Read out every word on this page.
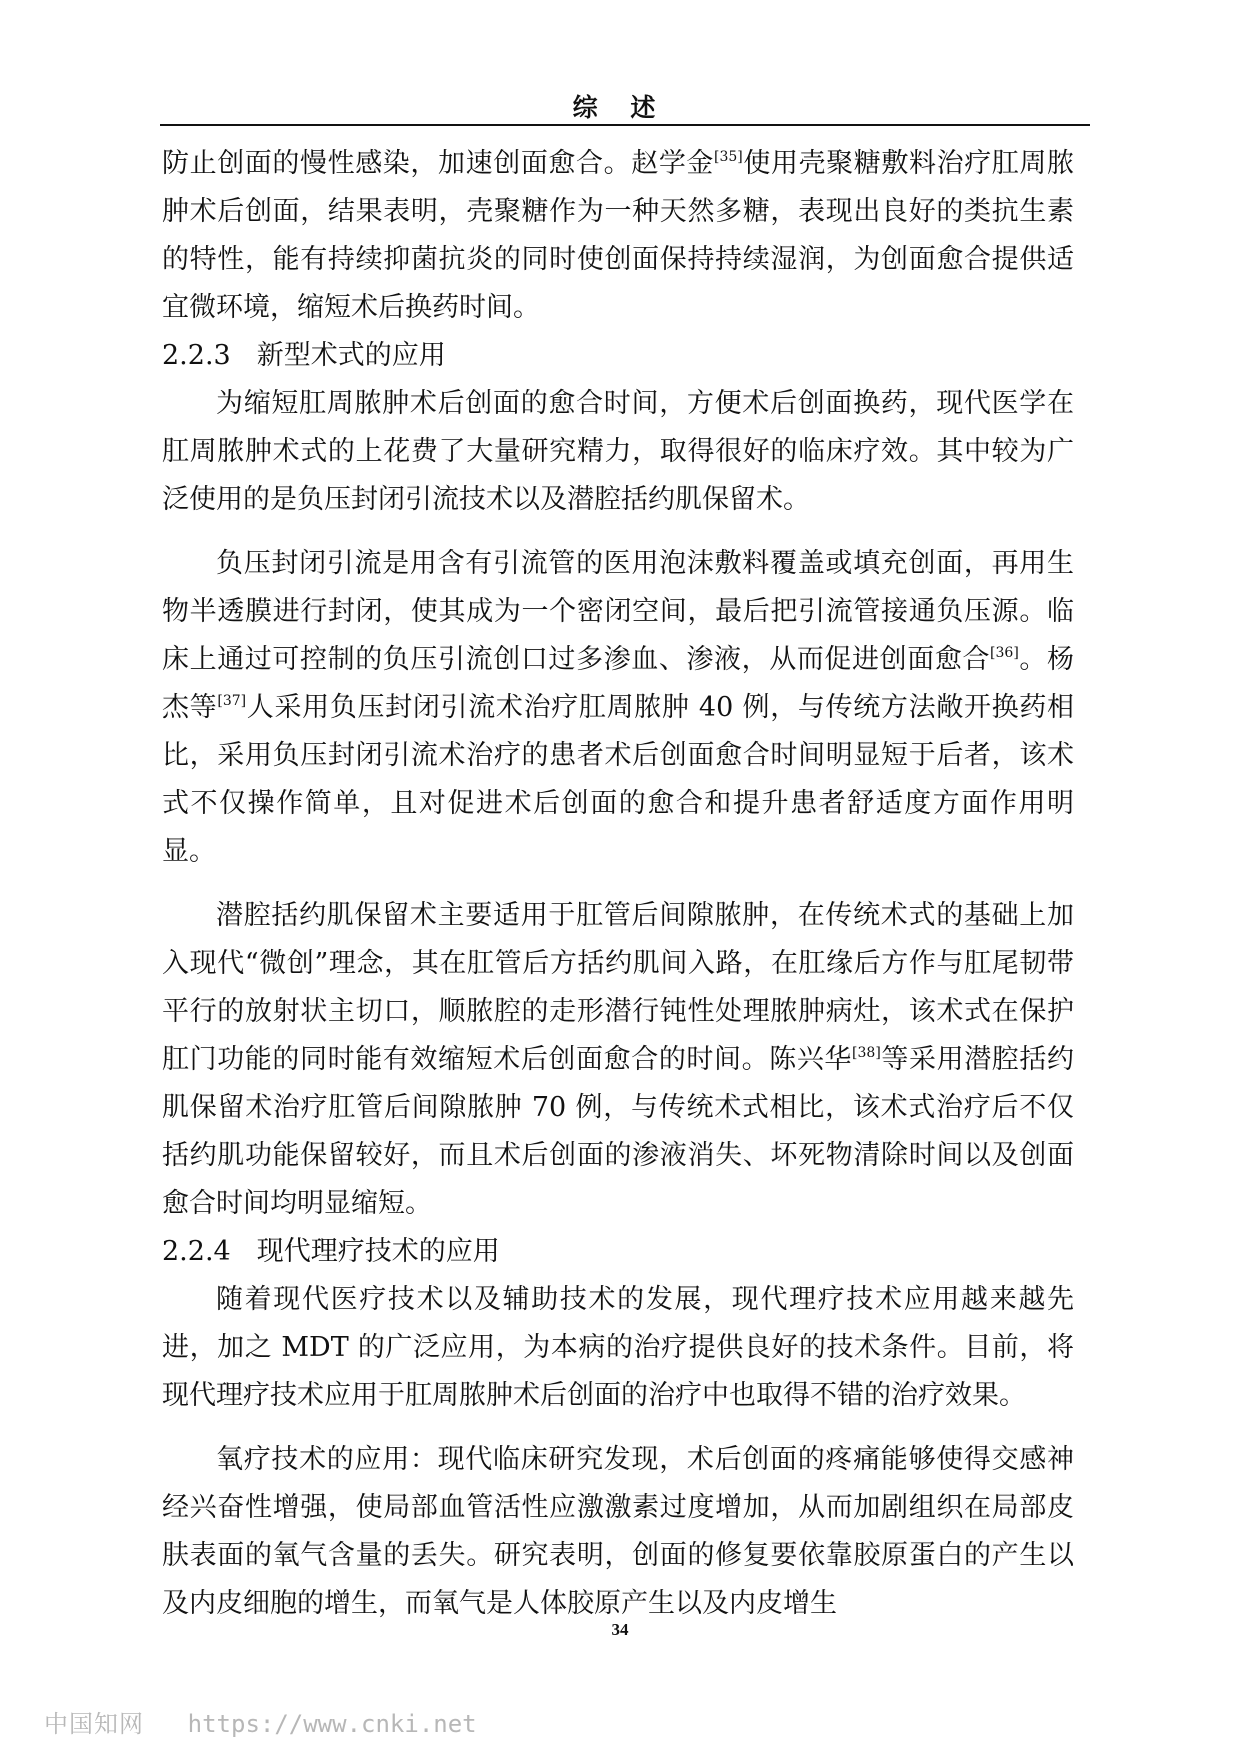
综 述

防止创面的慢性感染，加速创面愈合。赵学金[35]使用壳聚糖敷料治疗肛周脓肿术后创面，结果表明，壳聚糖作为一种天然多糖，表现出良好的类抗生素的特性，能有持续抑菌抗炎的同时使创面保持持续湿润，为创面愈合提供适宜微环境，缩短术后换药时间。

2.2.3 新型术式的应用

为缩短肛周脓肿术后创面的愈合时间，方便术后创面换药，现代医学在肛周脓肿术式的上花费了大量研究精力，取得很好的临床疗效。其中较为广泛使用的是负压封闭引流技术以及潜腔括约肌保留术。

负压封闭引流是用含有引流管的医用泡沫敷料覆盖或填充创面，再用生物半透膜进行封闭，使其成为一个密闭空间，最后把引流管接通负压源。临床上通过可控制的负压引流创口过多渗血、渗液，从而促进创面愈合[36]。杨杰等[37]人采用负压封闭引流术治疗肛周脓肿 40 例，与传统方法敞开换药相比，采用负压封闭引流术治疗的患者术后创面愈合时间明显短于后者，该术式不仅操作简单，且对促进术后创面的愈合和提升患者舒适度方面作用明显。

潜腔括约肌保留术主要适用于肛管后间隙脓肿，在传统术式的基础上加入现代“微创”理念，其在肛管后方括约肌间入路，在肛缘后方作与肛尾韧带平行的放射状主切口，顺脓腔的走形潜行钝性处理脓肿病灶，该术式在保护肛门功能的同时能有效缩短术后创面愈合的时间。陈兴华[38]等采用潜腔括约肌保留术治疗肛管后间隙脓肿 70 例，与传统术式相比，该术式治疗后不仅括约肌功能保留较好，而且术后创面的渗液消失、坏死物清除时间以及创面愈合时间均明显缩短。

2.2.4 现代理疗技术的应用

随着现代医疗技术以及辅助技术的发展，现代理疗技术应用越来越先进，加之 MDT 的广泛应用，为本病的治疗提供良好的技术条件。目前，将现代理疗技术应用于肛周脓肿术后创面的治疗中也取得不错的治疗效果。

氧疗技术的应用：现代临床研究发现，术后创面的疼痛能够使得交感神经兴奋性增强，使局部血管活性应激激素过度增加，从而加剧组织在局部皮肤表面的氧气含量的丢失。研究表明，创面的修复要依靠胶原蛋白的产生以及内皮细胞的增生，而氧气是人体胶原产生以及内皮增生

34
中国知网 https://www.cnki.net
